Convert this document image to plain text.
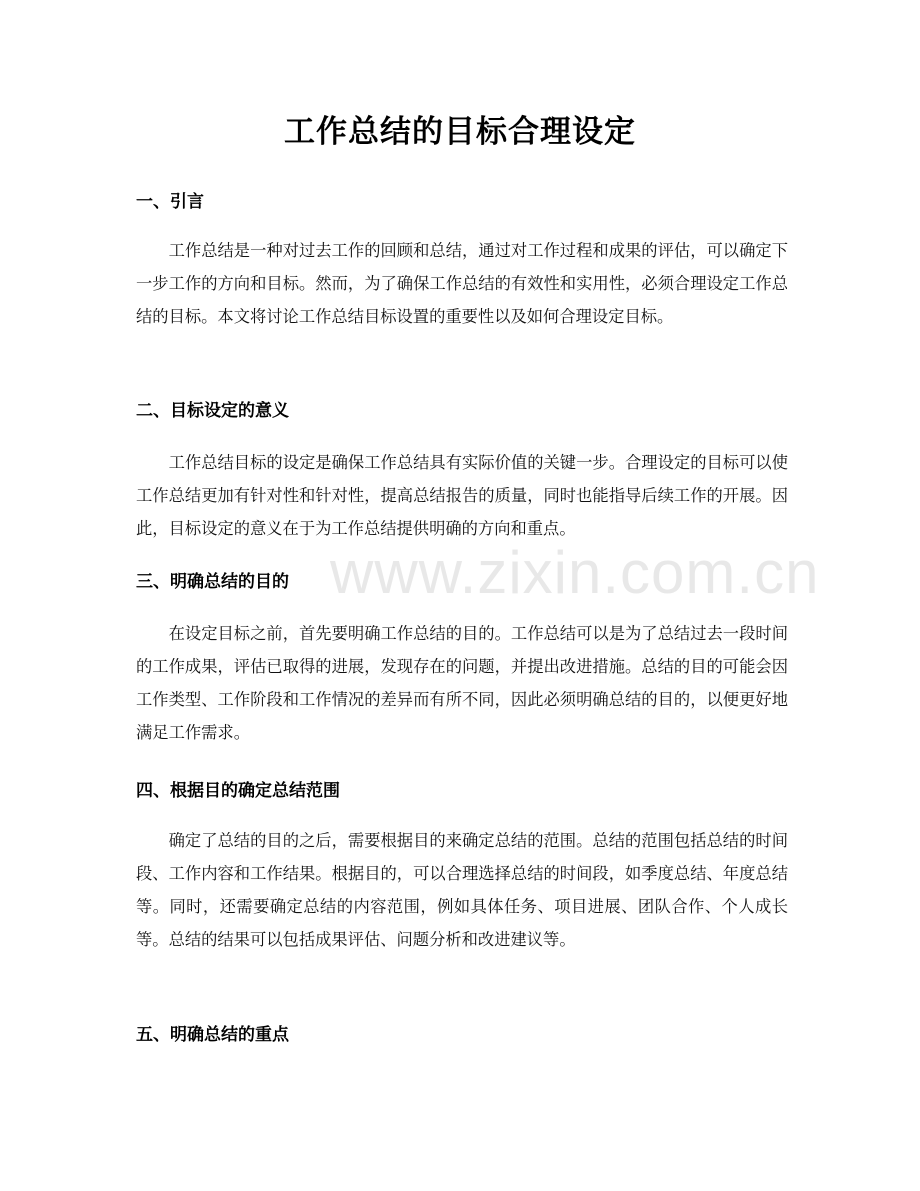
工作总结的目标合理设定
www.zixin.com.cn
一、引言
工作总结是一种对过去工作的回顾和总结，通过对工作过程和成果的评估，可以确定下一步工作的方向和目标。然而，为了确保工作总结的有效性和实用性，必须合理设定工作总结的目标。本文将讨论工作总结目标设置的重要性以及如何合理设定目标。
二、目标设定的意义
工作总结目标的设定是确保工作总结具有实际价值的关键一步。合理设定的目标可以使工作总结更加有针对性和针对性，提高总结报告的质量，同时也能指导后续工作的开展。因此，目标设定的意义在于为工作总结提供明确的方向和重点。
三、明确总结的目的
在设定目标之前，首先要明确工作总结的目的。工作总结可以是为了总结过去一段时间的工作成果，评估已取得的进展，发现存在的问题，并提出改进措施。总结的目的可能会因工作类型、工作阶段和工作情况的差异而有所不同，因此必须明确总结的目的，以便更好地满足工作需求。
四、根据目的确定总结范围
确定了总结的目的之后，需要根据目的来确定总结的范围。总结的范围包括总结的时间段、工作内容和工作结果。根据目的，可以合理选择总结的时间段，如季度总结、年度总结等。同时，还需要确定总结的内容范围，例如具体任务、项目进展、团队合作、个人成长等。总结的结果可以包括成果评估、问题分析和改进建议等。
五、明确总结的重点
